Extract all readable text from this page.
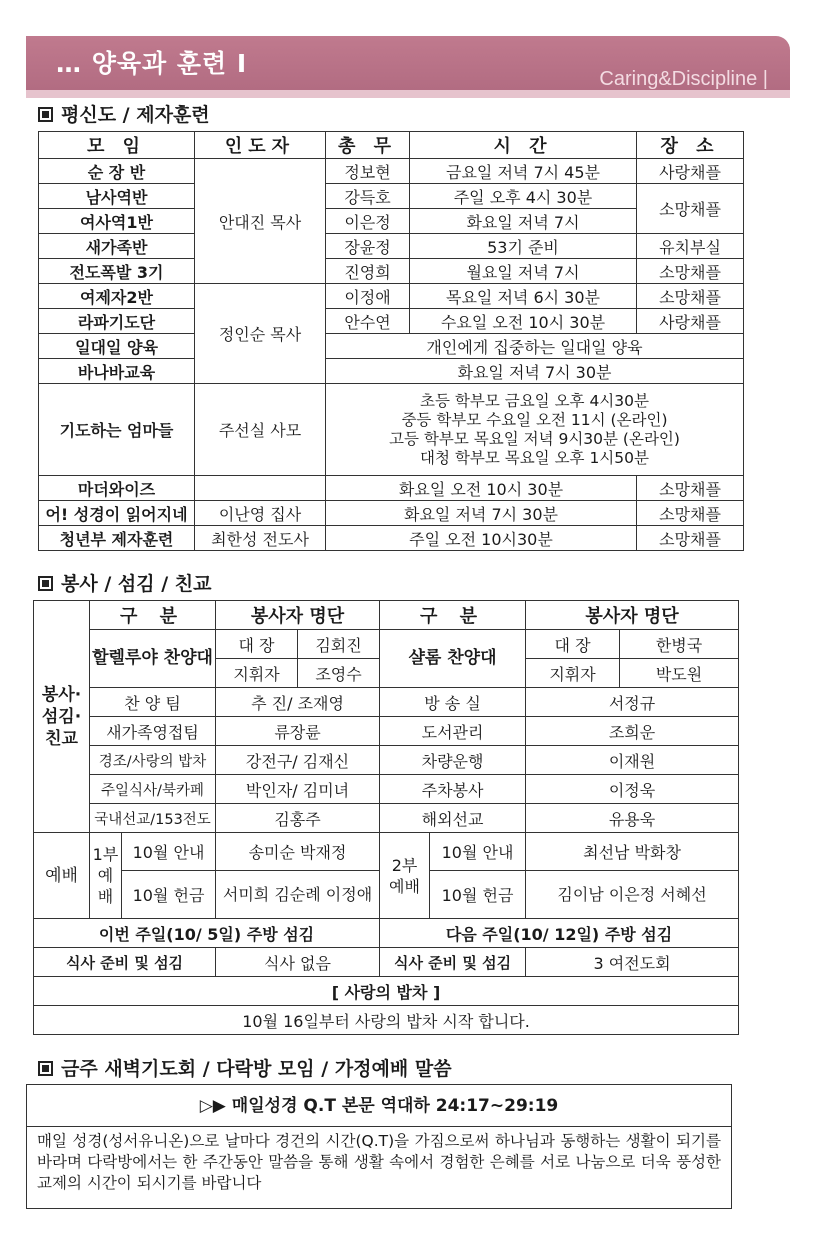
… 양육과 훈련 I
Caring&Discipline |
평신도 / 제자훈련
모 임	인도자	총 무	시 간	장 소
순 장 반	안대진 목사	정보현	금요일 저녁 7시 45분	사랑채플
남사역반		강득호	주일 오후 4시 30분	소망채플
여사역1반		이은정	화요일 저녁 7시	
새가족반		장윤정	53기 준비	유치부실
전도폭발 3기		진영희	월요일 저녁 7시	소망채플
여제자2반	정인순 목사	이정애	목요일 저녁 6시 30분	소망채플
라파기도단		안수연	수요일 오전 10시 30분	사랑채플
일대일 양육		개인에게 집중하는 일대일 양육		
바나바교육		화요일 저녁 7시 30분		
기도하는 엄마들	주선실 사모	초등 학부모 금요일 오후 4시30분
중등 학부모 수요일 오전 11시 (온라인)
고등 학부모 목요일 저녁 9시30분 (온라인)
대청 학부모 목요일 오후 1시50분		

마더와이즈		화요일 오전 10시 30분		소망채플
어! 성경이 읽어지네	이난영 집사	화요일 저녁 7시 30분		소망채플
청년부 제자훈련	최한성 전도사	주일 오전 10시30분		소망채플
봉사 / 섬김 / 친교
봉사·섬김·친교	구 분		봉사자 명단		구 분		봉사자 명단	
	할렐루야 찬양대		대 장	김회진	샬롬 찬양대		대 장	한병국
			지휘자	조영수			지휘자	박도원
	찬 양 팀		추 진/ 조재영		방 송 실		서정규	
	새가족영접팀		류장륜		도서관리		조희운	
	경조/사랑의 밥차		강전구/ 김재신		차량운행		이재원	
	주일식사/북카페		박인자/ 김미녀		주차봉사		이정욱	
	국내선교/153전도		김홍주		해외선교		유용욱	
예배	1부 예배	10월 안내	송미순 박재정		2부 예배	10월 안내	최선남 박화창	
		10월 헌금	서미희 김순례 이정애			10월 헌금	김이남 이은정 서혜선	
이번 주일(10/ 5일) 주방 섬김					다음 주일(10/ 12일) 주방 섬김			
식사 준비 및 섬김			식사 없음		식사 준비 및 섬김		3 여전도회	
[ 사랑의 밥차 ]								
10월 16일부터 사랑의 밥차 시작 합니다.								
금주 새벽기도회 / 다락방 모임 / 가정예배 말씀
▷▶ 매일성경 Q.T 본문 역대하 24:17~29:19
매일 성경(성서유니온)으로 날마다 경건의 시간(Q.T)을 가짐으로써 하나님과 동행하는 생활이 되기를 바라며 다락방에서는 한 주간동안 말씀을 통해 생활 속에서 경험한 은혜를 서로 나눔으로 더욱 풍성한 교제의 시간이 되시기를 바랍니다
